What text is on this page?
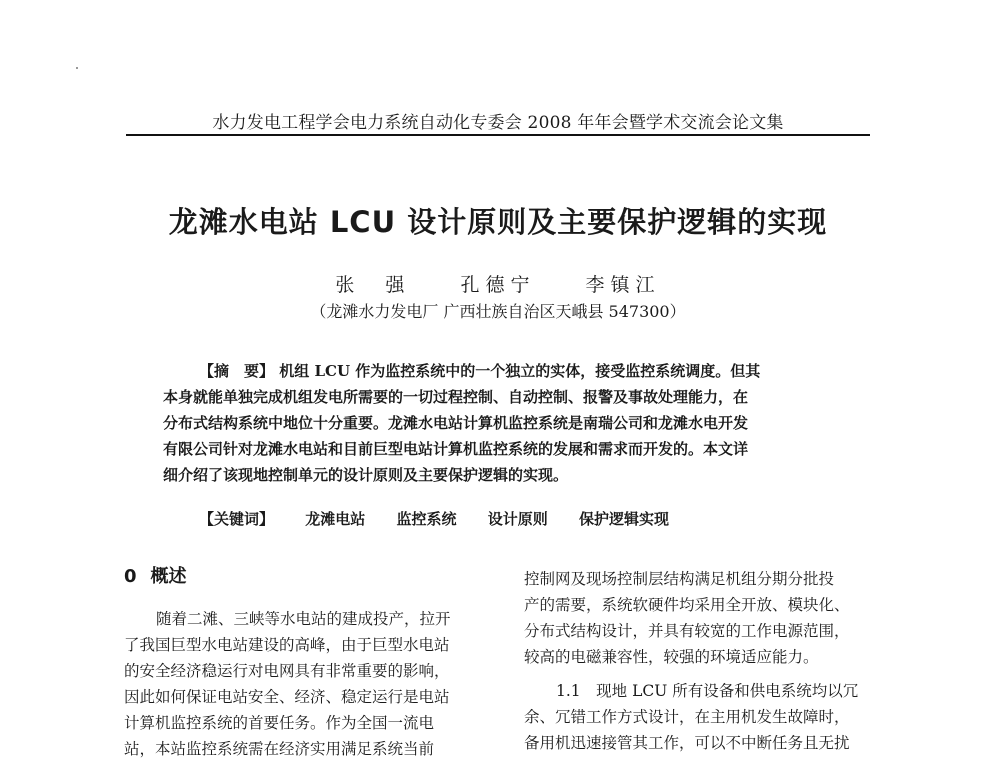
水力发电工程学会电力系统自动化专委会 2008 年年会暨学术交流会论文集
龙滩水电站 LCU 设计原则及主要保护逻辑的实现
张　强	孔德宁	李镇江
（龙滩水力发电厂 广西壮族自治区天峨县 547300）
【摘　要】 机组 LCU 作为监控系统中的一个独立的实体，接受监控系统调度。但其
本身就能单独完成机组发电所需要的一切过程控制、自动控制、报警及事故处理能力，在
分布式结构系统中地位十分重要。龙滩水电站计算机监控系统是南瑞公司和龙滩水电开发
有限公司针对龙滩水电站和目前巨型电站计算机监控系统的发展和需求而开发的。本文详
细介绍了该现地控制单元的设计原则及主要保护逻辑的实现。
【关键词】 龙滩电站 监控系统 设计原则 保护逻辑实现
0 概述
随着二滩、三峡等水电站的建成投产，拉开
了我国巨型水电站建设的高峰，由于巨型水电站
的安全经济稳运行对电网具有非常重要的影响，
因此如何保证电站安全、经济、稳定运行是电站
计算机监控系统的首要任务。作为全国一流电
站，本站监控系统需在经济实用满足系统当前
控制网及现场控制层结构满足机组分期分批投
产的需要，系统软硬件均采用全开放、模块化、
分布式结构设计，并具有较宽的工作电源范围，
较高的电磁兼容性，较强的环境适应能力。
1.1　现地 LCU 所有设备和供电系统均以冗
余、冗错工作方式设计，在主用机发生故障时，
备用机迅速接管其工作，可以不中断任务且无扰
